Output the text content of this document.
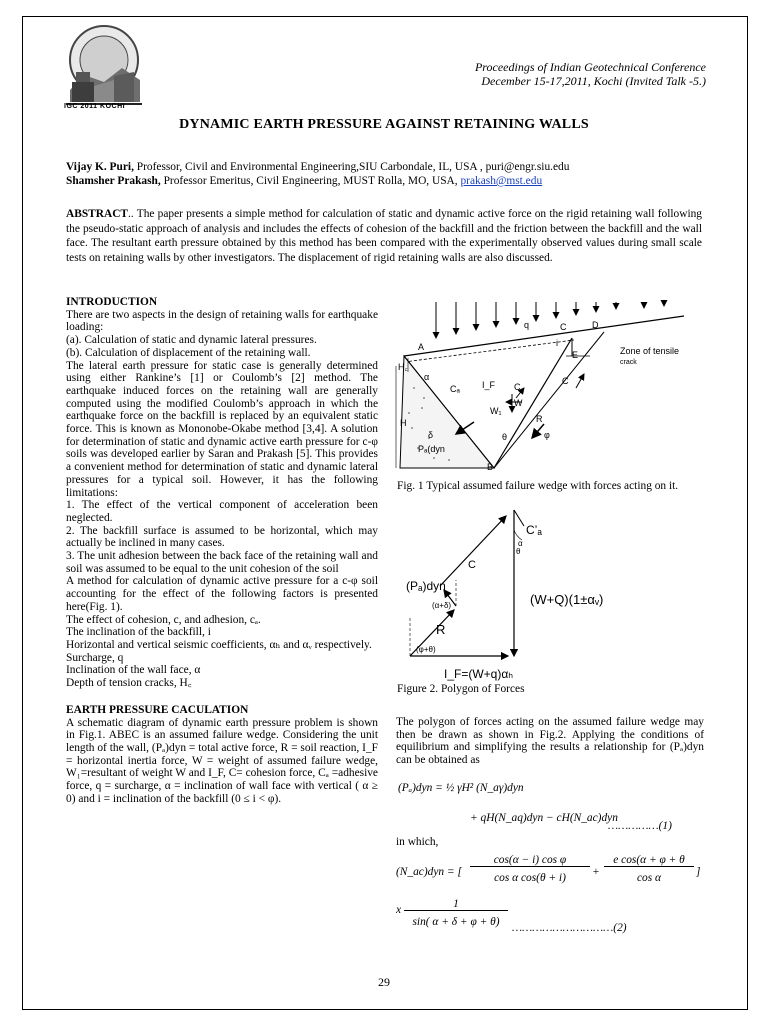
IGC 2011 KOCHI
Proceedings of Indian Geotechnical Conference
December 15-17,2011, Kochi (Invited Talk -5.)
DYNAMIC EARTH PRESSURE AGAINST RETAINING WALLS
Vijay K. Puri, Professor, Civil and Environmental Engineering,SIU Carbondale, IL, USA , puri@engr.siu.edu
Shamsher Prakash, Professor Emeritus, Civil Engineering, MUST Rolla, MO, USA, prakash@mst.edu
ABSTRACT.. The paper presents a simple method for calculation of static and dynamic active force on the rigid retaining wall following the pseudo-static approach of analysis and includes the effects of cohesion of the backfill and the friction between the backfill and the wall face. The resultant earth pressure obtained by this method has been compared with the experimentally observed values during small scale tests on retaining walls by other investigators. The displacement of rigid retaining walls are also discussed.

INTRODUCTION

There are two aspects in the design of retaining walls for earthquake loading:

(a). Calculation of static and dynamic lateral pressures.

(b). Calculation of displacement of the retaining wall.

The lateral earth pressure for static case is generally determined using either Rankine’s [1] or Coulomb’s [2] method. The earthquake induced forces on the retaining wall are generally computed using the modified Coulomb’s approach in which the earthquake force on the backfill is replaced by an equivalent static force. This is known as Mononobe-Okabe method [3,4]. A solution for determination of static and dynamic active earth pressure for c-φ soils was developed earlier by Saran and Prakash [5]. This provides a convenient method for determination of static and dynamic lateral pressures for a typical soil. However, it has the following limitations:

1. The effect of the vertical component of acceleration been neglected.

2. The backfill surface is assumed to be horizontal, which may actually be inclined in many cases.

3. The unit adhesion between the back face of the retaining wall and soil was assumed to be equal to the unit cohesion of the soil

A method for calculation of dynamic active pressure for a c-φ soil accounting for the effect of the following factors is presented here(Fig. 1).

The effect of cohesion, c, and adhesion, cₐ.

The inclination of the backfill, i

Horizontal and vertical seismic coefficients, αₕ and αᵥ respectively.

Surcharge, q

Inclination of the wall face, α

Depth of tension cracks, H꜀

EARTH PRESSURE CACULATION

A schematic diagram of dynamic earth pressure problem is shown in Fig.1. ABEC is an assumed failure wedge. Considering the unit length of the wall, (Pₐ)dyn = total active force, R = soil reaction, I_F = horizontal inertia force, W = weight of assumed failure wedge, W₁=resultant of weight W and I_F, C= cohesion force, Cₐ =adhesive force, q = surcharge, α = inclination of wall face with vertical ( α ≥ 0) and i = inclination of the backfill (0 ≤ i < φ).

q
A
B
C
E
D
C
H꜀
H
Cₐ I_F C
W
W₁
R
θ	φ
α
δ
Pₐ(dyn
i
Zone of tensile
crack
Fig. 1 Typical assumed failure wedge with forces acting on it.
C’ₐ
α
θ
C
(Pₐ)dyn
(W+Q)(1±αᵥ)
(α+δ)
R
(φ+θ)
I_F=(W+q)αₕ
Figure 2. Polygon of Forces
The polygon of forces acting on the assumed failure wedge may then be drawn as shown in Fig.2. Applying the conditions of equilibrium and simplifying the results a relationship for (Pₐ)dyn can be obtained as
(Pₐ)dyn = ½ γH² (N_aγ)dyn
+ qH(N_aq)dyn − cH(N_ac)dyn
……………(1)
in which,
(N_ac)dyn = [
cos(α − i) cos φ
cos α cos(θ + i)	+
e cos(α + φ + θ
cos α	]
x	1
sin( α + δ + φ + θ)	…………………………(2)
29
